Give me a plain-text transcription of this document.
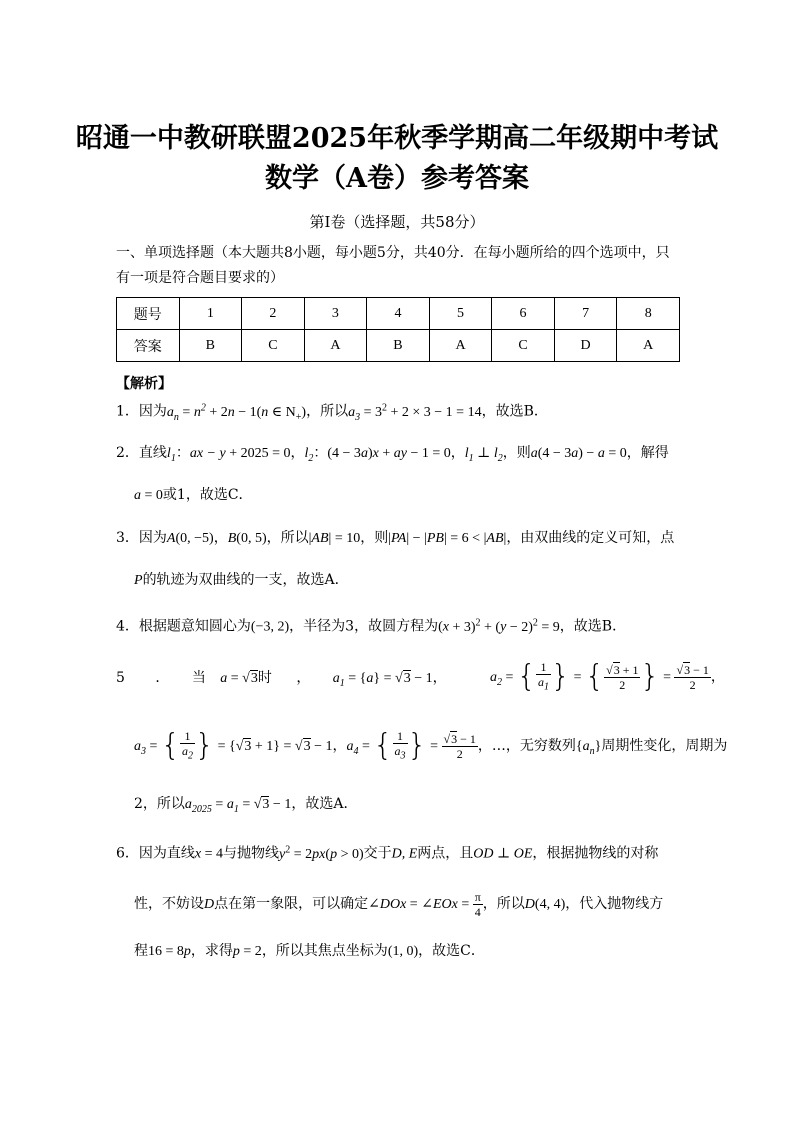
昭通一中教研联盟2025年秋季学期高二年级期中考试
数学（A卷）参考答案
第Ⅰ卷（选择题，共58分）
一、单项选择题（本大题共8小题，每小题5分，共40分．在每小题所给的四个选项中，只
有一项是符合题目要求的）
题号	1	2	3	4	5	6	7	8
答案	B	C	A	B	A	C	D	A
【解析】
1．因为$a_n = n^2 + 2n - 1(n$ ∈ $N_+$)，所以$a_3 = 3^2 + 2 \times 3 - 1 = 14$，故选B．
2．直线$l_1$：ax − y + 2025 = 0，$l_2$：(4 − 3a)x + ay − 1 = 0，$l_1$ ⊥ $l_2$，则a(4 − 3a) − a = 0，解得
a = 0或1，故选C．
3．因为A(0, −5)，B(0, 5)，所以|AB| = 10，则|PA| − |PB| = 6 < |AB|，由双曲线的定义可知，点
P的轨迹为双曲线的一支，故选A．
4．根据题意知圆心为(−3, 2)，半径为3，故圆方程为$(x + 3)^2 + (y - 2)^2 = 9$，故选B．
5 ． 当 a = √3时 ， $a_1 = \{a\} = √3 - 1$，	$a_2$ = { $\frac{1}{a_1}$ } = { $\frac{√3 + 1}{2}$ } = $\frac{√3 - 1}{2}$ ，
$a_3$ = { $\frac{1}{a_2}$ } = {√3 + 1} = √3 − 1，$a_4$ = { $\frac{1}{a_3}$ } = $\frac{√3 - 1}{2}$ ，…，无穷数列$\{a_n\}$周期性变化，周期为
2，所以$a_{2025} = a_1 = √3 - 1$，故选A．
6．因为直线x = 4与抛物线$y^2 = 2px(p > 0)$交于D, E两点，且OD ⊥ OE，根据抛物线的对称
性，不妨设D点在第一象限，可以确定∠DOx = ∠EOx = $\frac{\pi}{4}$ ，所以D(4, 4)，代入抛物线方
程16 = 8p，求得p = 2，所以其焦点坐标为(1, 0)，故选C．
